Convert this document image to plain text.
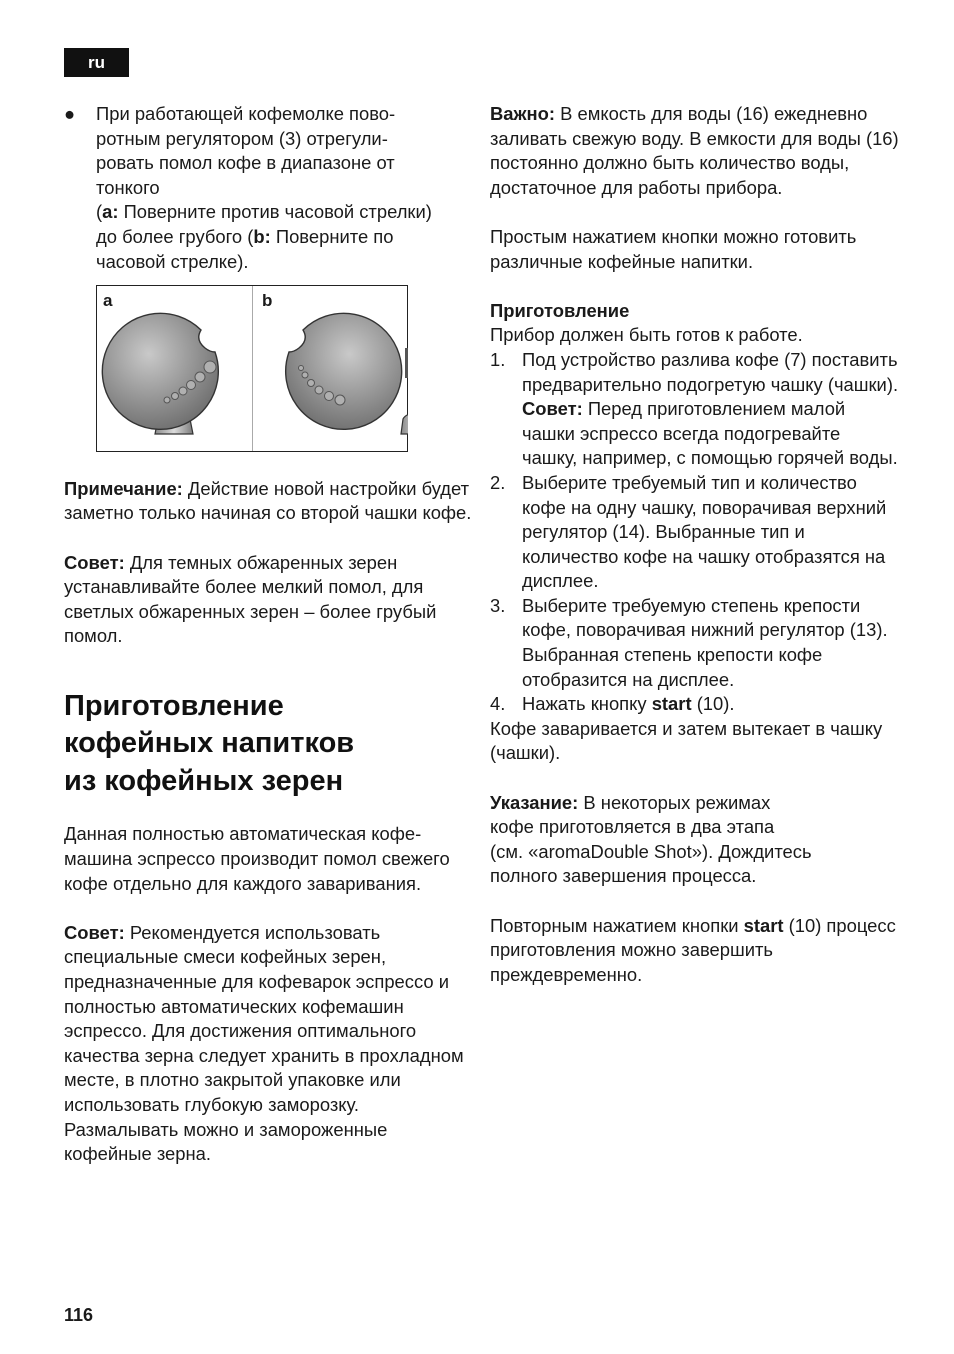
ru
● При работающей кофемолке пово-
ротным регулятором (3) отрегули-
ровать помол кофе в диапазоне от
тонкого
(a: Поверните против часовой стрелки)
до более грубого (b: Поверните по
часовой стрелке).
a	b

Примечание: Действие новой настройки будет заметно только начиная со второй чашки кофе.

Совет: Для темных обжаренных зерен устанавливайте более мелкий помол, для светлых обжаренных зерен – более грубый помол.

Приготовление
кофейных напитков
из кофейных зерен

Данная полностью автоматическая кофе-машина эспрессо производит помол свежего кофе отдельно для каждого заваривания.

Совет: Рекомендуется использовать специальные смеси кофейных зерен, предназначенные для кофеварок эспрессо и полностью автоматических кофемашин эспрессо. Для достижения оптимального качества зерна следует хранить в прохладном месте, в плотно закрытой упаковке или использовать глубокую заморозку. Размалывать можно и замороженные кофейные зерна.

Важно: В емкость для воды (16) ежедневно заливать свежую воду. В емкости для воды (16) постоянно должно быть количество воды, достаточное для работы прибора.

Простым нажатием кнопки можно готовить различные кофейные напитки.

Приготовление

Прибор должен быть готов к работе.

1. Под устройство разлива кофе (7) поставить предварительно подогретую чашку (чашки).
Совет: Перед приготовлением малой чашки эспрессо всегда подогревайте чашку, например, с помощью горячей воды.
2. Выберите требуемый тип и количество кофе на одну чашку, поворачивая верхний регулятор (14). Выбранные тип и количество кофе на чашку отобразятся на дисплее.
3. Выберите требуемую степень крепости кофе, поворачивая нижний регулятор (13). Выбранная степень крепости кофе отобразится на дисплее.
4. Нажать кнопку start (10).

Кофе заваривается и затем вытекает в чашку (чашки).

Указание: В некоторых режимах
кофе приготовляется в два этапа
(см. «aromaDouble Shot»). Дождитесь
полного завершения процесса.

Повторным нажатием кнопки start (10) процесс приготовления можно завершить преждевременно.

116
